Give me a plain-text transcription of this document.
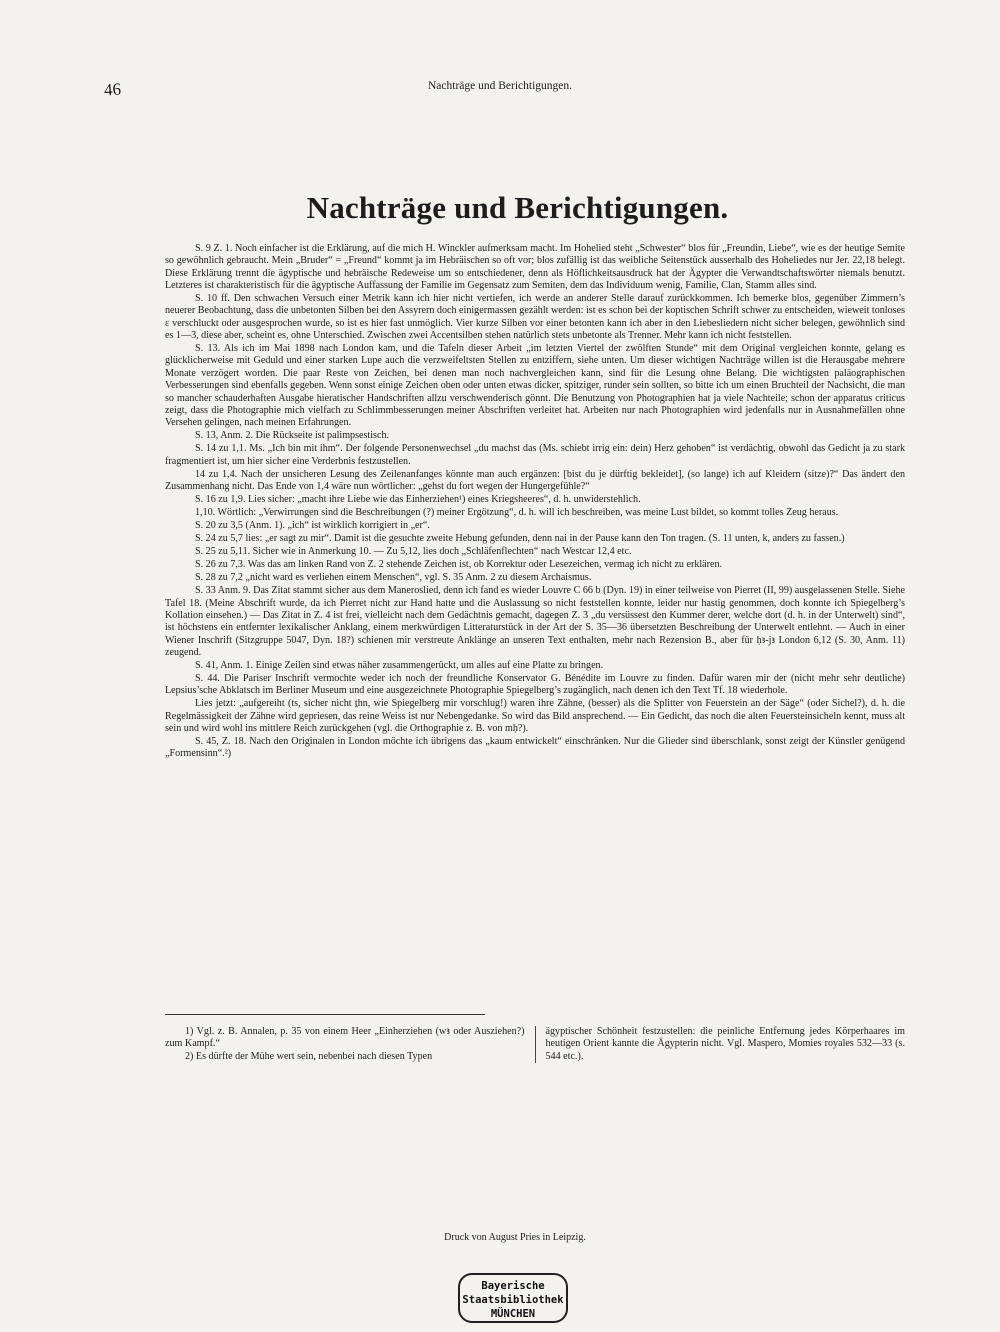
46	Nachträge und Berichtigungen.
Nachträge und Berichtigungen.

S. 9 Z. 1. Noch einfacher ist die Erklärung, auf die mich H. Winckler aufmerksam macht. Im Hohelied steht „Schwester“ blos für „Freundin, Liebe“, wie es der heutige Semite so gewöhnlich gebraucht. Mein „Bruder“ = „Freund“ kommt ja im Hebräischen so oft vor; blos zufällig ist das weibliche Seitenstück ausserhalb des Hoheliedes nur Jer. 22,18 belegt. Diese Erklärung trennt die ägyptische und hebräische Redeweise um so entschiedener, denn als Höflichkeitsausdruck hat der Ägypter die Verwandtschaftswörter niemals benutzt. Letzteres ist charakteristisch für die ägyptische Auffassung der Familie im Gegensatz zum Semiten, dem das Individuum wenig, Familie, Clan, Stamm alles sind.

S. 10 ff. Den schwachen Versuch einer Metrik kann ich hier nicht vertiefen, ich werde an anderer Stelle darauf zurückkommen. Ich bemerke blos, gegenüber Zimmern’s neuerer Beobachtung, dass die unbetonten Silben bei den Assyrern doch einigermassen gezählt werden: ist es schon bei der koptischen Schrift schwer zu entscheiden, wieweit tonloses ε verschluckt oder ausgesprochen wurde, so ist es hier fast unmöglich. Vier kurze Silben vor einer betonten kann ich aber in den Liebesliedern nicht sicher belegen, gewöhnlich sind es 1—3, diese aber, scheint es, ohne Unterschied. Zwischen zwei Accentsilben stehen natürlich stets unbetonte als Trenner. Mehr kann ich nicht feststellen.

S. 13. Als ich im Mai 1898 nach London kam, und die Tafeln dieser Arbeit „im letzten Viertel der zwölften Stunde“ mit dem Original vergleichen konnte, gelang es glücklicherweise mit Geduld und einer starken Lupe auch die verzweifeltsten Stellen zu entziffern, siehe unten. Um dieser wichtigen Nachträge willen ist die Herausgabe mehrere Monate verzögert worden. Die paar Reste von Zeichen, bei denen man noch nachvergleichen kann, sind für die Lesung ohne Belang. Die wichtigsten paläographischen Verbesserungen sind ebenfalls gegeben. Wenn sonst einige Zeichen oben oder unten etwas dicker, spitziger, runder sein sollten, so bitte ich um einen Bruchteil der Nachsicht, die man so mancher schauderhaften Ausgabe hieratischer Handschriften allzu verschwenderisch gönnt. Die Benutzung von Photographien hat ja viele Nachteile; schon der apparatus criticus zeigt, dass die Photographie mich vielfach zu Schlimmbesserungen meiner Abschriften verleitet hat. Arbeiten nur nach Photographien wird jedenfalls nur in Ausnahmefällen ohne Versehen gelingen, nach meinen Erfahrungen.

S. 13, Anm. 2. Die Rückseite ist palimpsestisch.

S. 14 zu 1,1. Ms. „Ich bin mit ihm“. Der folgende Personenwechsel „du machst das (Ms. schiebt irrig ein: dein) Herz gehoben“ ist verdächtig, obwohl das Gedicht ja zu stark fragmentiert ist, um hier sicher eine Verderbnis festzustellen.

14 zu 1,4. Nach der unsicheren Lesung des Zeilenanfanges könnte man auch ergänzen: [bist du je dürftig bekleidet], (so lange) ich auf Kleidern (sitze)?“ Das ändert den Zusammenhang nicht. Das Ende von 1,4 wäre nun wörtlicher: „gehst du fort wegen der Hungergefühle?“

S. 16 zu 1,9. Lies sicher: „macht ihre Liebe wie das Einherziehen¹) eines Kriegsheeres“, d. h. unwiderstehlich.

1,10. Wörtlich: „Verwirrungen sind die Beschreibungen (?) meiner Ergötzung“, d. h. will ich beschreiben, was meine Lust bildet, so kommt tolles Zeug heraus.

S. 20 zu 3,5 (Anm. 1). „ich“ ist wirklich korrigiert in „er“.

S. 24 zu 5,7 lies: „er sagt zu mir“. Damit ist die gesuchte zweite Hebung gefunden, denn nai in der Pause kann den Ton tragen. (S. 11 unten, k, anders zu fassen.)

S. 25 zu 5,11. Sicher wie in Anmerkung 10. — Zu 5,12, lies doch „Schläfenflechten“ nach Westcar 12,4 etc.

S. 26 zu 7,3. Was das am linken Rand von Z. 2 stehende Zeichen ist, ob Korrektur oder Lesezeichen, vermag ich nicht zu erklären.

S. 28 zu 7,2 „nicht ward es verliehen einem Menschen“, vgl. S. 35 Anm. 2 zu diesem Archaismus.

S. 33 Anm. 9. Das Zitat stammt sicher aus dem Maneroslied, denn ich fand es wieder Louvre C 66 b (Dyn. 19) in einer teilweise von Pierret (II, 99) ausgelassenen Stelle. Siehe Tafel 18. (Meine Abschrift wurde, da ich Pierret nicht zur Hand hatte und die Auslassung so nicht feststellen konnte, leider nur hastig genommen, doch konnte ich Spiegelberg’s Kollation einsehen.) — Das Zitat in Z. 4 ist frei, vielleicht nach dem Gedächtnis gemacht, dagegen Z. 3 „du versüssest den Kummer derer, welche dort (d. h. in der Unterwelt) sind“, ist höchstens ein entfernter lexikalischer Anklang, einem merkwürdigen Litteraturstück in der Art der S. 35—36 übersetzten Beschreibung der Unterwelt entlehnt. — Auch in einer Wiener Inschrift (Sitzgruppe 5047, Dyn. 18?) schienen mir verstreute Anklänge an unseren Text enthalten, mehr nach Rezension B., aber für ḥꜣ-jꜣ London 6,12 (S. 30, Anm. 11) zeugend.

S. 41, Anm. 1. Einige Zeilen sind etwas näher zusammengerückt, um alles auf eine Platte zu bringen.

S. 44. Die Pariser Inschrift vermochte weder ich noch der freundliche Konservator G. Bénédite im Louvre zu finden. Dafür waren mir der (nicht mehr sehr deutliche) Lepsius’sche Abklatsch im Berliner Museum und eine ausgezeichnete Photographie Spiegelberg’s zugänglich, nach denen ich den Text Tf. 18 wiederhole.

Lies jetzt: „aufgereiht (ts, sicher nicht ṯhn, wie Spiegelberg mir vorschlug!) waren ihre Zähne, (besser) als die Splitter von Feuerstein an der Säge“ (oder Sichel?), d. h. die Regelmässigkeit der Zähne wird gepriesen, das reine Weiss ist nur Nebengedanke. So wird das Bild ansprechend. — Ein Gedicht, das noch die alten Feuersteinsicheln kennt, muss alt sein und wird wohl ins mittlere Reich zurückgehen (vgl. die Orthographie z. B. von mḥ?).

S. 45, Z. 18. Nach den Originalen in London möchte ich übrigens das „kaum entwickelt“ einschränken. Nur die Glieder sind überschlank, sonst zeigt der Künstler genügend „Formensinn“.²)

1) Vgl. z. B. Annalen, p. 35 von einem Heer „Einherziehen (wꜣ oder Ausziehen?) zum Kampf.“

2) Es dürfte der Mühe wert sein, nebenbei nach diesen Typen

ägyptischer Schönheit festzustellen: die peinliche Entfernung jedes Körperhaares im heutigen Orient kannte die Ägypterin nicht. Vgl. Maspero, Momies royales 532—33 (s. 544 etc.).

Druck von August Pries in Leipzig.
Bayerische
Staatsbibliothek
MÜNCHEN
